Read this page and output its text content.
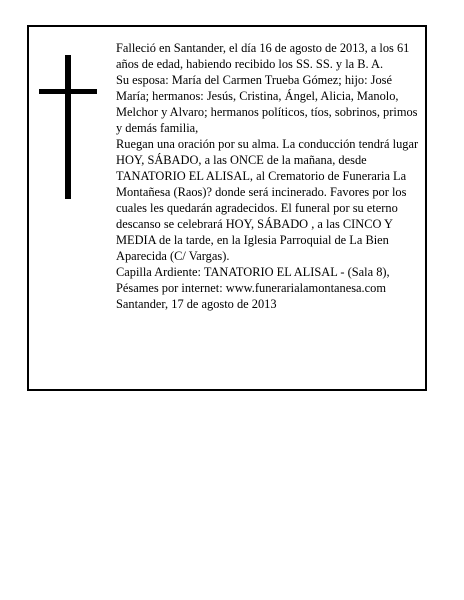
Falleció en Santander, el día 16 de agosto de 2013, a los 61 años de edad, habiendo recibido los SS. SS. y la B. A.

Su esposa: María del Carmen Trueba Gómez; hijo: José María; hermanos: Jesús, Cristina, Ángel, Alicia, Manolo, Melchor y Alvaro; hermanos políticos, tíos, sobrinos, primos y demás familia,

Ruegan una oración por su alma. La conducción tendrá lugar HOY, SÁBADO, a las ONCE de la mañana, desde TANATORIO EL ALISAL, al Crematorio de Funeraria La Montañesa (Raos)? donde será incinerado. Favores por los cuales les quedarán agradecidos. El funeral por su eterno descanso se celebrará HOY, SÁBADO , a las CINCO Y MEDIA de la tarde, en la Iglesia Parroquial de La Bien Aparecida (C/ Vargas).

Capilla Ardiente: TANATORIO EL ALISAL - (Sala 8),

Pésames por internet: www.funerarialamontanesa.com

Santander, 17 de agosto de 2013
